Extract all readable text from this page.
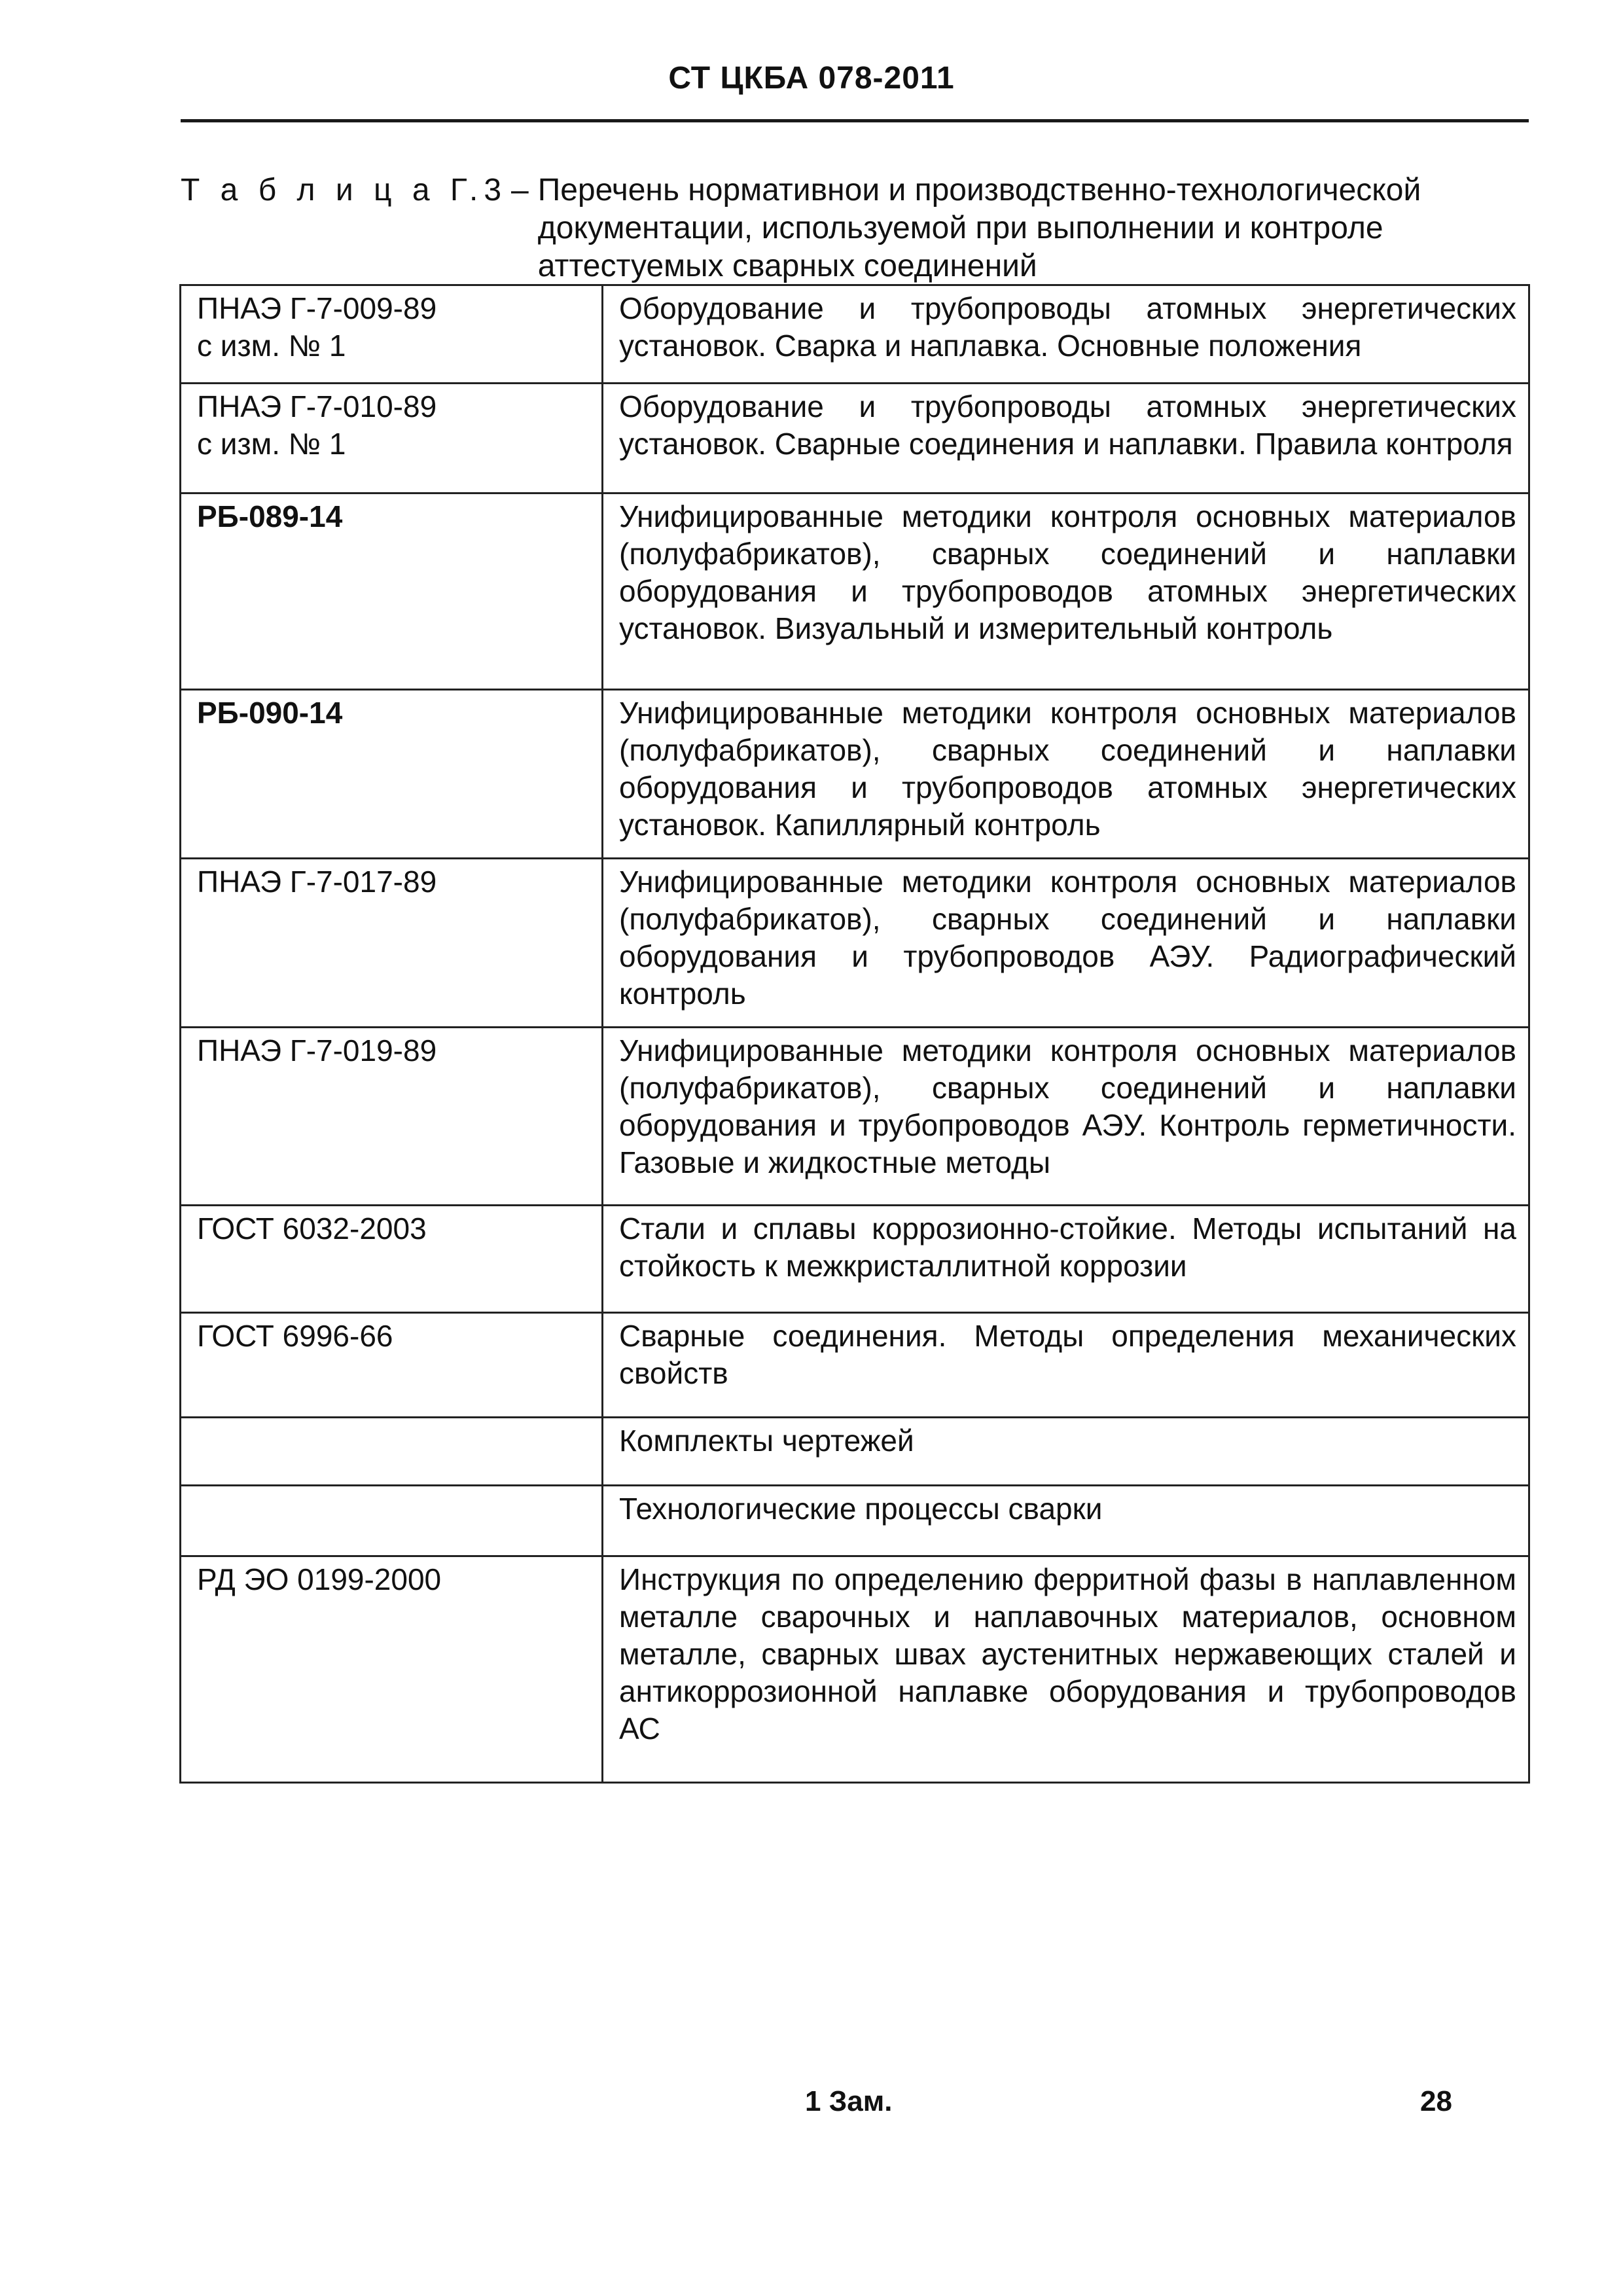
СТ ЦКБА 078-2011
Т а б л и ц а Г.3 – Перечень нормативнои и производственно-технологической документации, используемой при выполнении и контроле аттестуемых сварных соединений
ПНАЭ Г-7-009-89
с изм. № 1	Оборудование и трубопроводы атомных энергетических установок. Сварка и наплавка. Основные положения

ПНАЭ Г-7-010-89
с изм. № 1	Оборудование и трубопроводы атомных энергетических установок. Сварные соединения и наплавки. Правила контроля

РБ-089-14	Унифицированные методики контроля основных материалов (полуфабрикатов), сварных соединений и наплавки оборудования и трубопроводов атомных энергетических установок. Визуальный и измерительный контроль

РБ-090-14	Унифицированные методики контроля основных материалов (полуфабрикатов), сварных соединений и наплавки оборудования и трубопроводов атомных энергетических установок. Капиллярный контроль

ПНАЭ Г-7-017-89	Унифицированные методики контроля основных материалов (полуфабрикатов), сварных соединений и наплавки оборудования и трубопроводов АЭУ. Радиографический контроль

ПНАЭ Г-7-019-89	Унифицированные методики контроля основных материалов (полуфабрикатов), сварных соединений и наплавки оборудования и трубопроводов АЭУ. Контроль герметичности. Газовые и жидкостные методы

ГОСТ 6032-2003	Стали и сплавы коррозионно-стойкие. Методы испытаний на стойкость к межкристаллитной коррозии

ГОСТ 6996-66	Сварные соединения. Методы определения механических свойств

	Комплекты чертежей

	Технологические процессы сварки

РД ЭО 0199-2000	Инструкция по определению ферритной фазы в наплавленном металле сварочных и наплавочных материалов, основном металле, сварных швах аустенитных нержавеющих сталей и антикоррозионной наплавке оборудования и трубопроводов АС
1 Зам.	28
